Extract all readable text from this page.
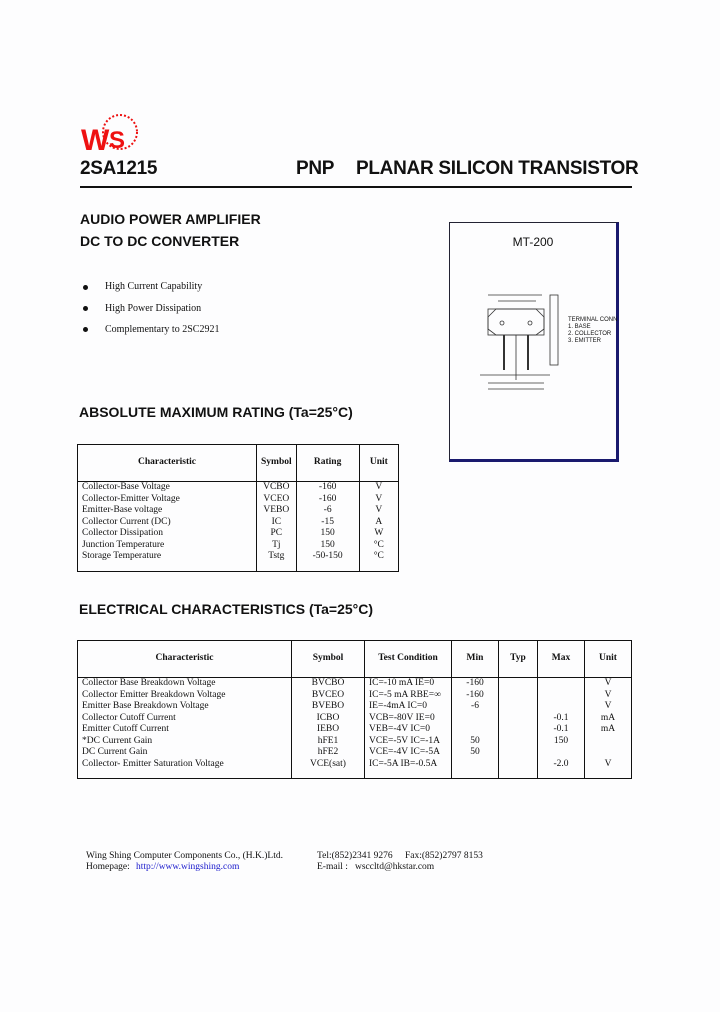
W S
2SA1215	PNP PLANAR SILICON TRANSISTOR
AUDIO POWER AMPLIFIER
DC TO DC CONVERTER
High Current Capability
High Power Dissipation
Complementary to 2SC2921
MT-200
TERMINAL CONN
1. BASE
2. COLLECTOR
3. EMITTER
ABSOLUTE MAXIMUM RATING (Ta=25°C)
Characteristic	Symbol	Rating	Unit
Collector-Base Voltage	VCBO	-160	V
Collector-Emitter Voltage	VCEO	-160	V
Emitter-Base voltage	VEBO	-6	V
Collector Current (DC)	IC	-15	A
Collector Dissipation	PC	150	W
Junction Temperature	Tj	150	°C
Storage Temperature	Tstg	-50-150	°C

ELECTRICAL CHARACTERISTICS (Ta=25°C)
Characteristic	Symbol	Test Condition	Min	Typ	Max	Unit
Collector Base Breakdown Voltage	BVCBO	IC=-10 mA IE=0	-160			V
Collector Emitter Breakdown Voltage	BVCEO	IC=-5 mA RBE=∞	-160			V
Emitter Base Breakdown Voltage	BVEBO	IE=-4mA IC=0	-6			V
Collector Cutoff Current	ICBO	VCB=-80V IE=0			-0.1	mA
Emitter Cutoff Current	IEBO	VEB=-4V IC=0			-0.1	mA
*DC Current Gain	hFE1	VCE=-5V IC=-1A	50		150	
DC Current Gain	hFE2	VCE=-4V IC=-5A	50			
Collector- Emitter Saturation Voltage	VCE(sat)	IC=-5A IB=-0.5A			-2.0	V

Wing Shing Computer Components Co., (H.K.)Ltd.
Homepage: http://www.wingshing.com
Tel:(852)2341 9276 Fax:(852)2797 8153
E-mail : wsccltd@hkstar.com
